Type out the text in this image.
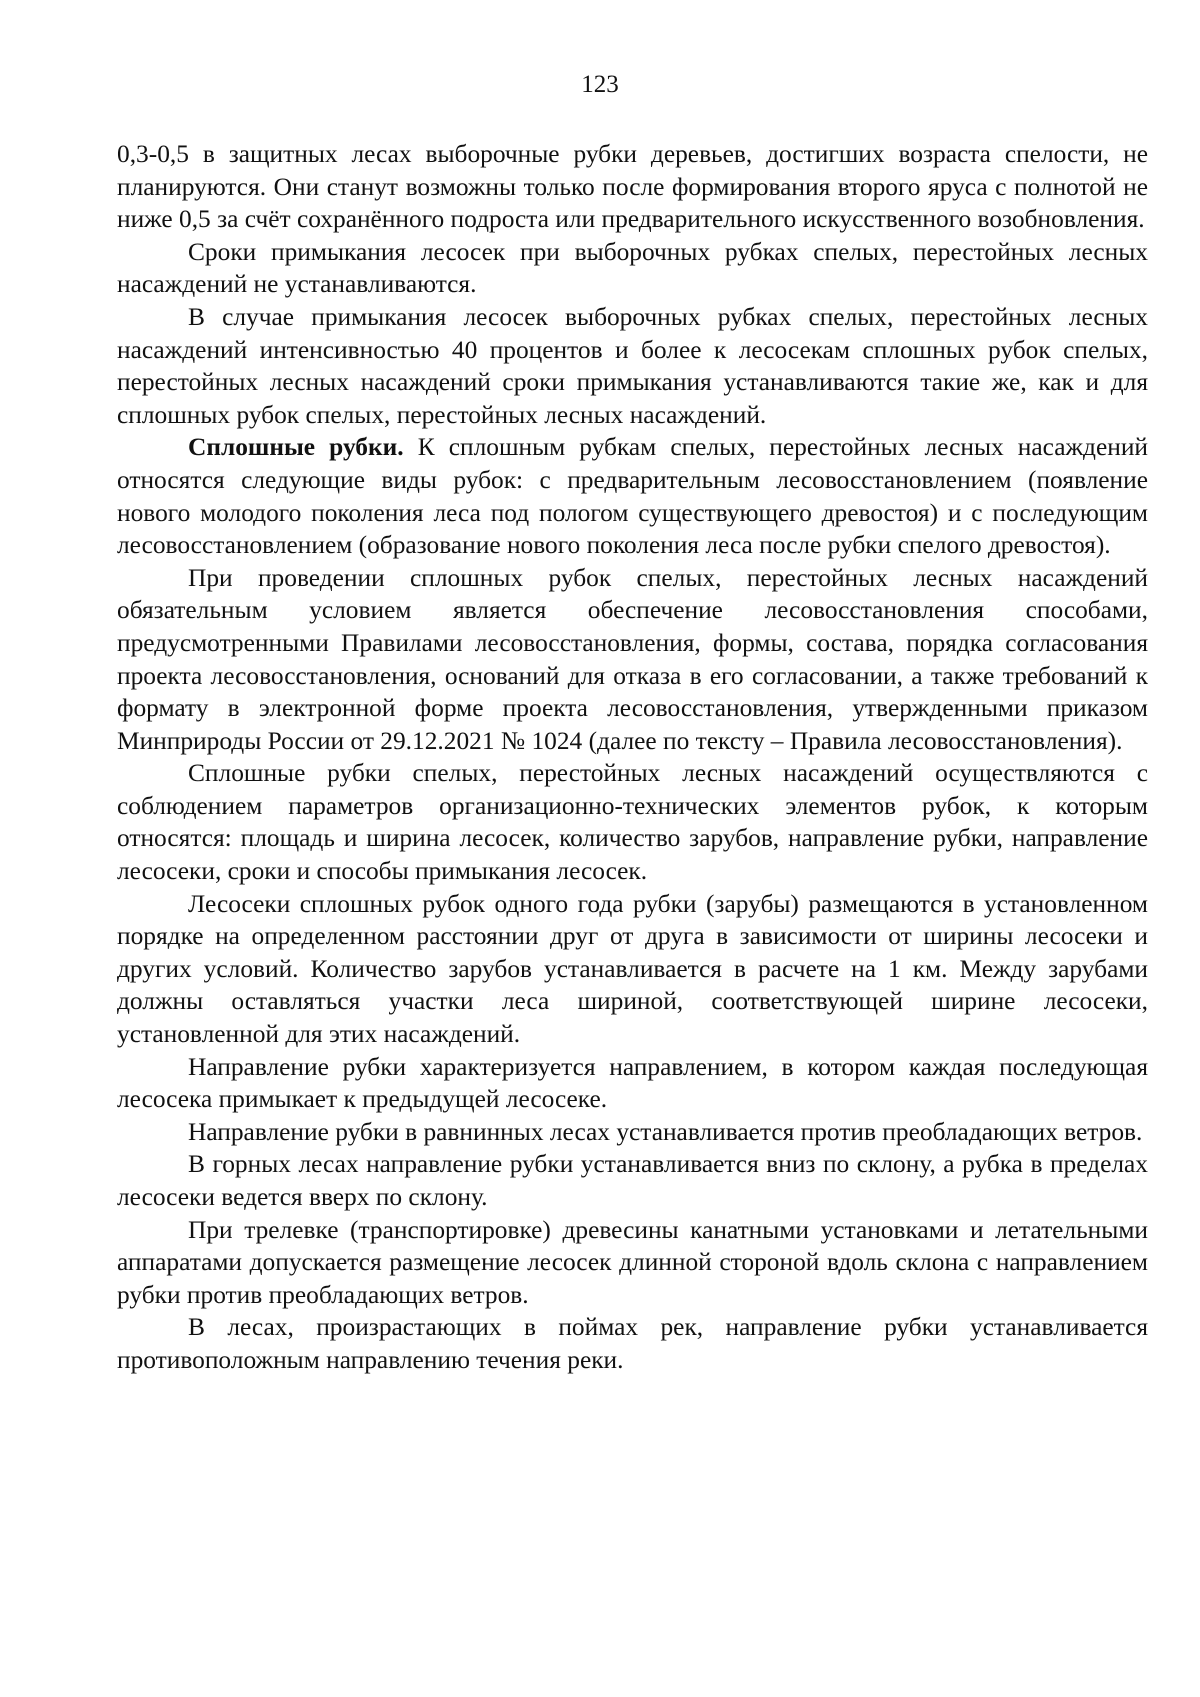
123

0,3-0,5 в защитных лесах выборочные рубки деревьев, достигших возраста спелости, не планируются. Они станут возможны только после формирования второго яруса с полнотой не ниже 0,5 за счёт сохранённого подроста или предварительного искусственного возобновления.

Сроки примыкания лесосек при выборочных рубках спелых, перестойных лесных насаждений не устанавливаются.

В случае примыкания лесосек выборочных рубках спелых, перестойных лесных насаждений интенсивностью 40 процентов и более к лесосекам сплошных рубок спелых, перестойных лесных насаждений сроки примыкания устанавливаются такие же, как и для сплошных рубок спелых, перестойных лесных насаждений.

Сплошные рубки. К сплошным рубкам спелых, перестойных лесных насаждений относятся следующие виды рубок: с предварительным лесовосстановлением (появление нового молодого поколения леса под пологом существующего древостоя) и с последующим лесовосстановлением (образование нового поколения леса после рубки спелого древостоя).

При проведении сплошных рубок спелых, перестойных лесных насаждений обязательным условием является обеспечение лесовосстановления способами, предусмотренными Правилами лесовосстановления, формы, состава, порядка согласования проекта лесовосстановления, оснований для отказа в его согласовании, а также требований к формату в электронной форме проекта лесовосстановления, утвержденными приказом Минприроды России от 29.12.2021 № 1024 (далее по тексту – Правила лесовосстановления).

Сплошные рубки спелых, перестойных лесных насаждений осуществляются с соблюдением параметров организационно-технических элементов рубок, к которым относятся: площадь и ширина лесосек, количество зарубов, направление рубки, направление лесосеки, сроки и способы примыкания лесосек.

Лесосеки сплошных рубок одного года рубки (зарубы) размещаются в установленном порядке на определенном расстоянии друг от друга в зависимости от ширины лесосеки и других условий. Количество зарубов устанавливается в расчете на 1 км. Между зарубами должны оставляться участки леса шириной, соответствующей ширине лесосеки, установленной для этих насаждений.

Направление рубки характеризуется направлением, в котором каждая последующая лесосека примыкает к предыдущей лесосеке.

Направление рубки в равнинных лесах устанавливается против преобладающих ветров.

В горных лесах направление рубки устанавливается вниз по склону, а рубка в пределах лесосеки ведется вверх по склону.

При трелевке (транспортировке) древесины канатными установками и летательными аппаратами допускается размещение лесосек длинной стороной вдоль склона с направлением рубки против преобладающих ветров.

В лесах, произрастающих в поймах рек, направление рубки устанавливается противоположным направлению течения реки.
